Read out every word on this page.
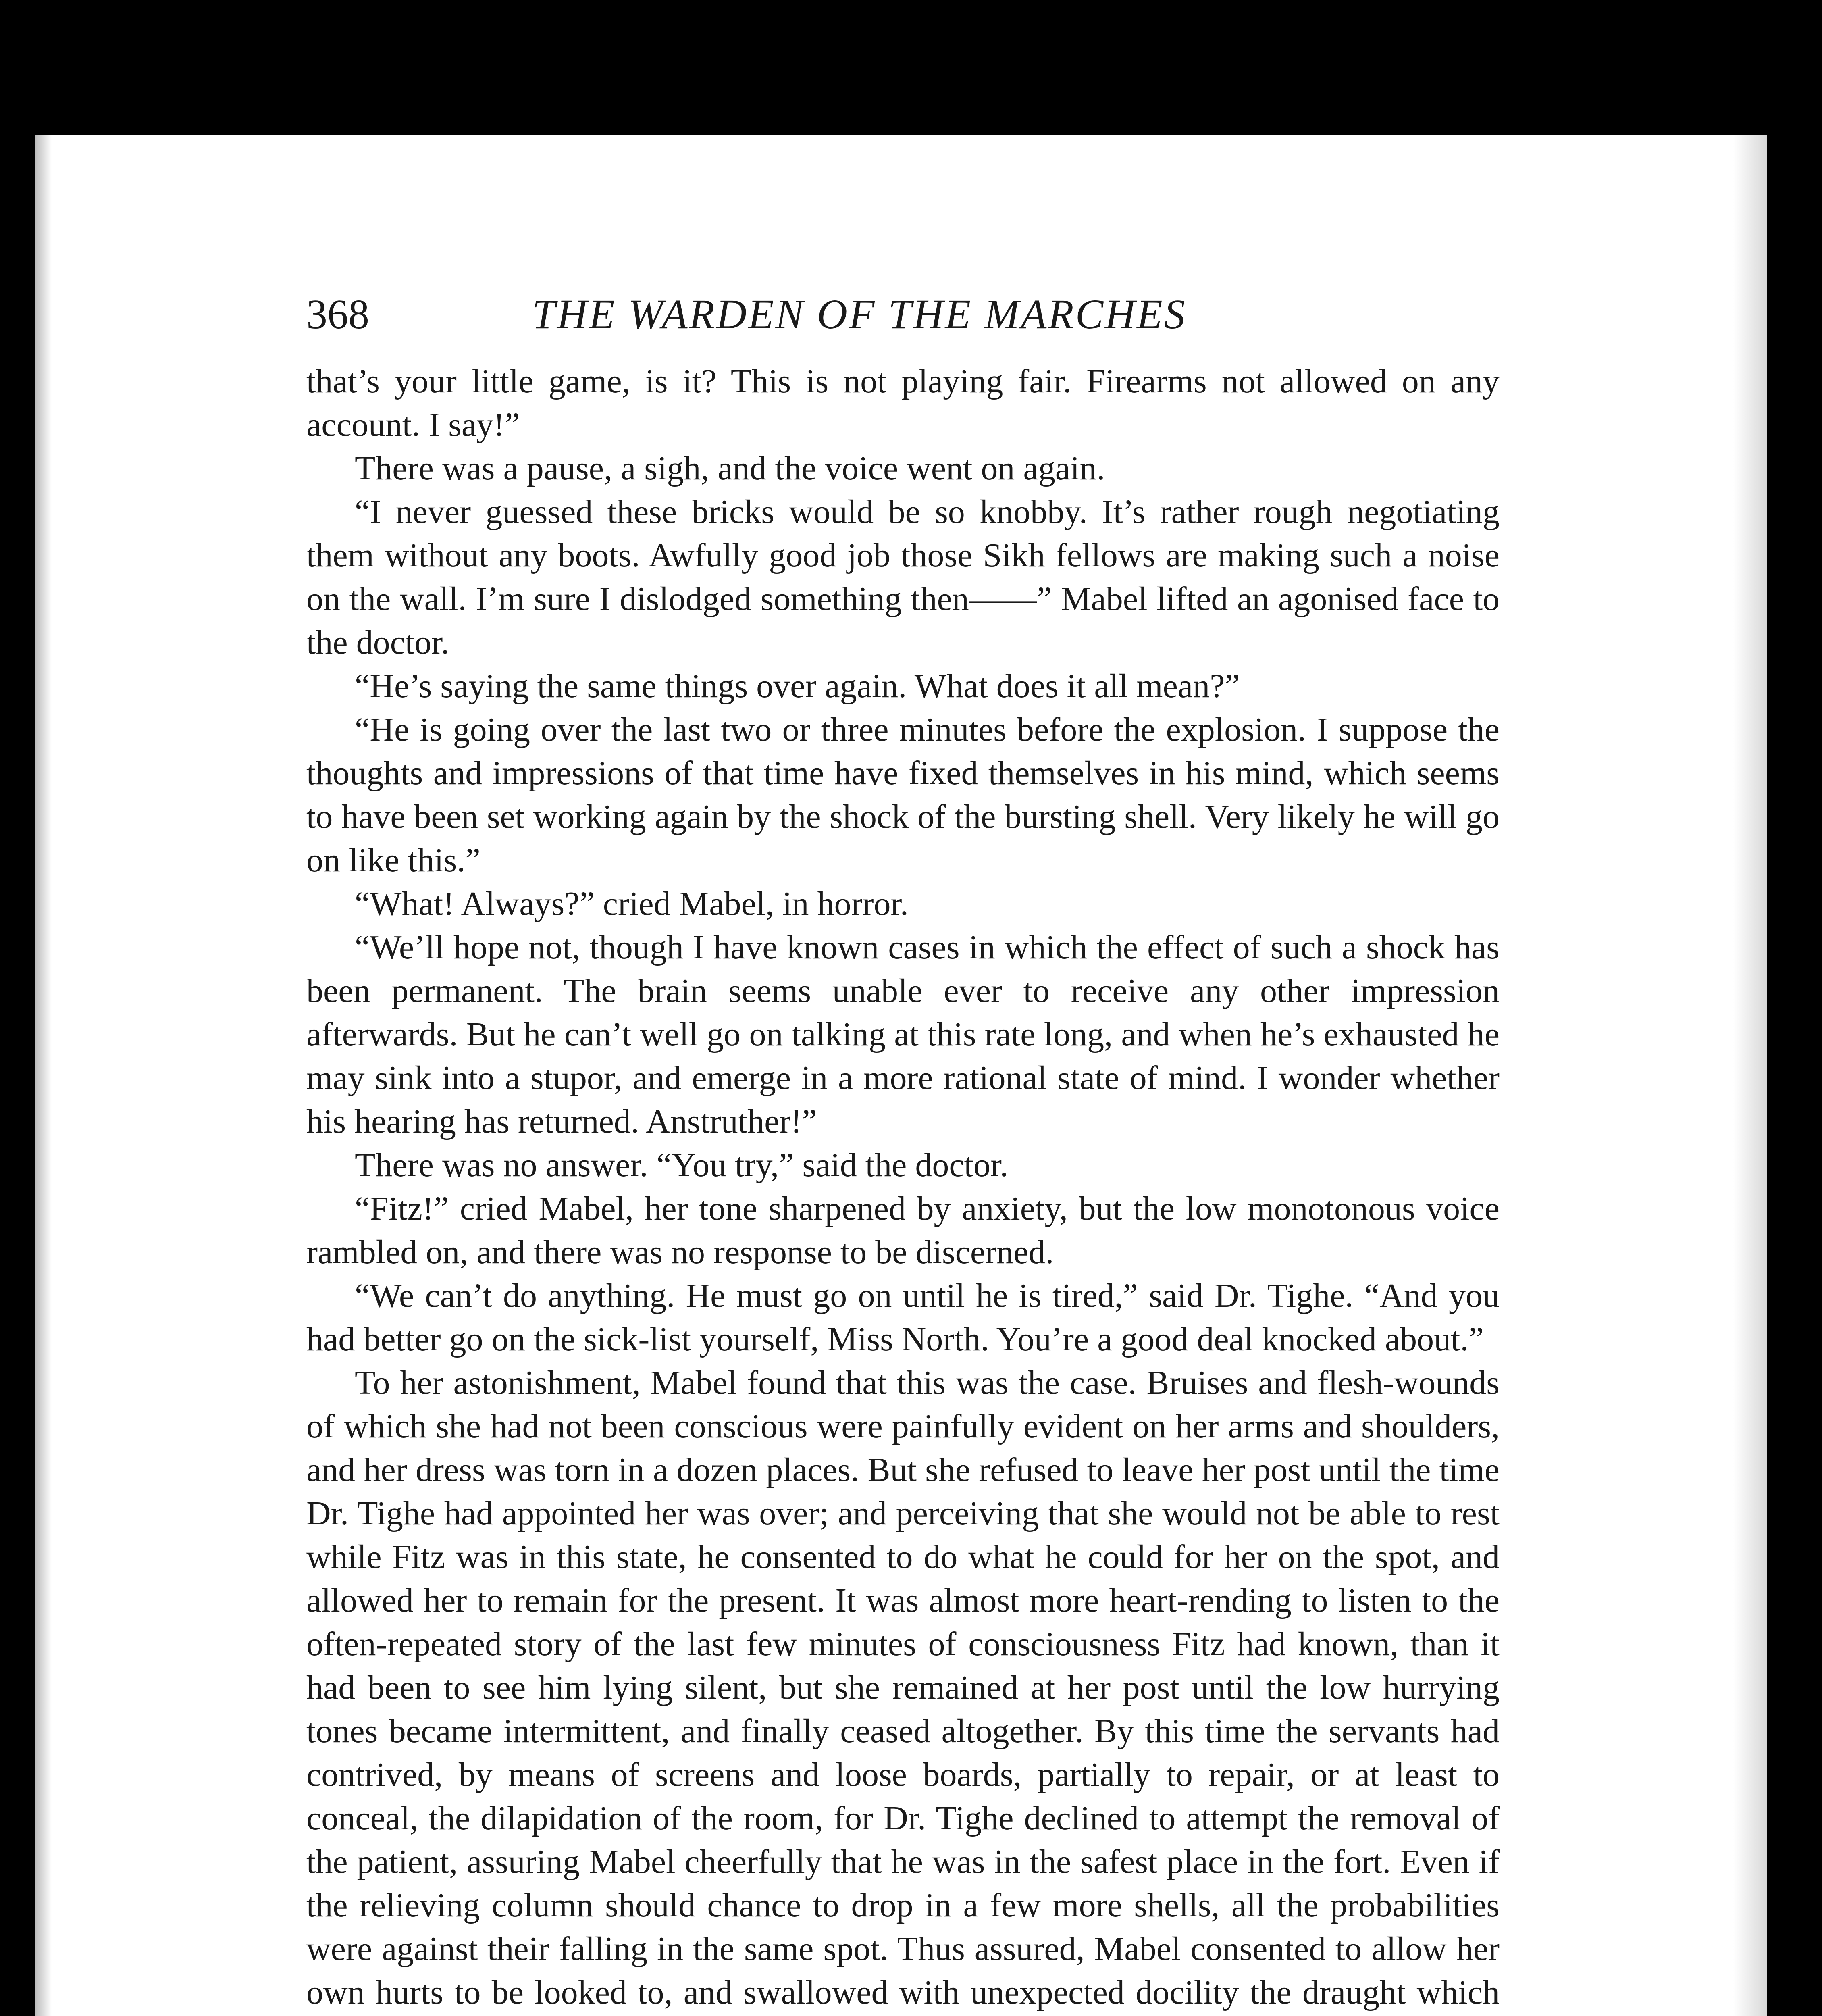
368	THE WARDEN OF THE MARCHES

that’s your little game, is it? This is not playing fair. Firearms not allowed on any account. I say!”

There was a pause, a sigh, and the voice went on again.

“I never guessed these bricks would be so knobby. It’s rather rough negotiating them without any boots. Awfully good job those Sikh fellows are making such a noise on the wall. I’m sure I dislodged something then——” Mabel lifted an agonised face to the doctor.

“He’s saying the same things over again. What does it all mean?”

“He is going over the last two or three minutes before the explosion. I suppose the thoughts and impressions of that time have fixed themselves in his mind, which seems to have been set working again by the shock of the bursting shell. Very likely he will go on like this.”

“What! Always?” cried Mabel, in horror.

“We’ll hope not, though I have known cases in which the effect of such a shock has been permanent. The brain seems unable ever to receive any other impression afterwards. But he can’t well go on talking at this rate long, and when he’s exhausted he may sink into a stupor, and emerge in a more rational state of mind. I wonder whether his hearing has returned. Anstruther!”

There was no answer. “You try,” said the doctor.

“Fitz!” cried Mabel, her tone sharpened by anxiety, but the low monotonous voice rambled on, and there was no response to be discerned.

“We can’t do anything. He must go on until he is tired,” said Dr. Tighe. “And you had better go on the sick-list yourself, Miss North. You’re a good deal knocked about.”

To her astonishment, Mabel found that this was the case. Bruises and flesh-wounds of which she had not been conscious were painfully evident on her arms and shoulders, and her dress was torn in a dozen places. But she refused to leave her post until the time Dr. Tighe had appointed her was over; and perceiving that she would not be able to rest while Fitz was in this state, he consented to do what he could for her on the spot, and allowed her to remain for the present. It was almost more heart-rending to listen to the often-repeated story of the last few minutes of consciousness Fitz had known, than it had been to see him lying silent, but she remained at her post until the low hurrying tones became intermittent, and finally ceased altogether. By this time the servants had contrived, by means of screens and loose boards, partially to repair, or at least to conceal, the dilapidation of the room, for Dr. Tighe declined to attempt the removal of the patient, assuring Mabel cheerfully that he was in the safest place in the fort. Even if the relieving column should chance to drop in a few more shells, all the probabilities were against their falling in the same spot. Thus assured, Mabel consented to allow her own hurts to be looked to, and swallowed with unexpected docility the draught which
